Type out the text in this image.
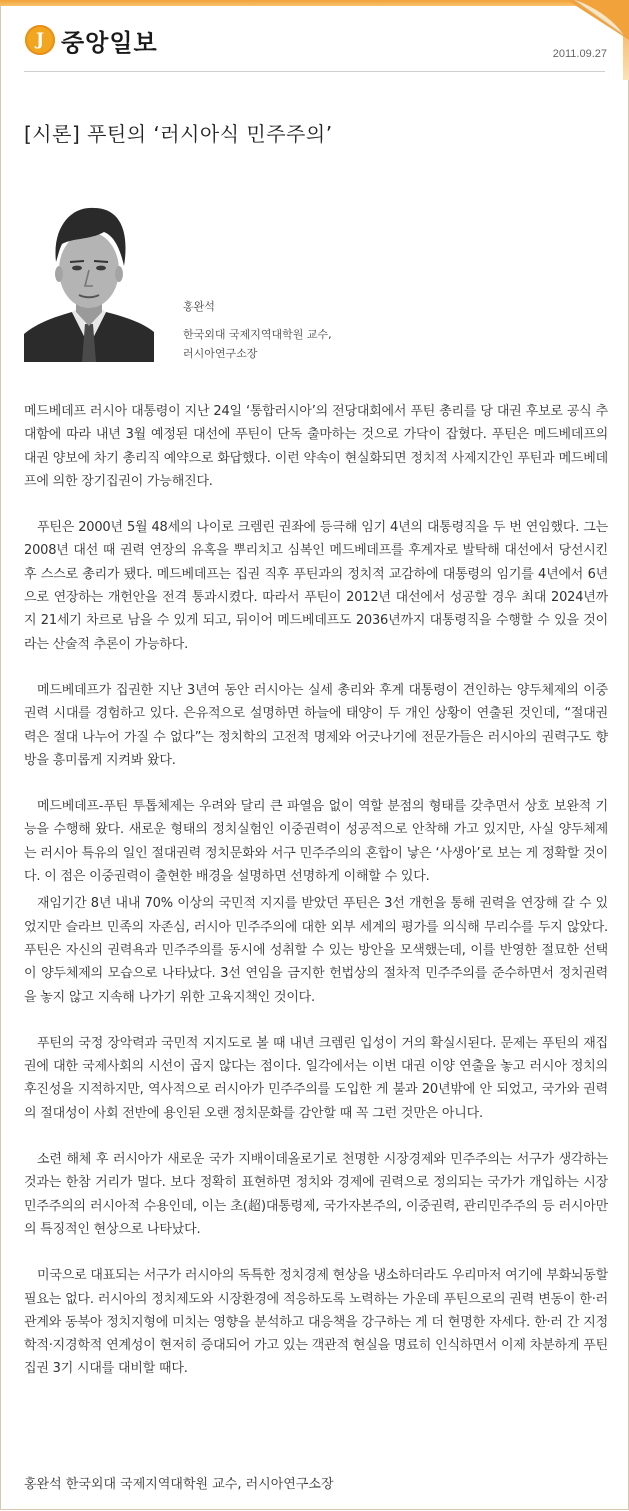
J 중앙일보	2011.09.27
[시론] 푸틴의 ‘러시아식 민주주의’
홍완석
한국외대 국제지역대학원 교수,
러시아연구소장

메드베데프 러시아 대통령이 지난 24일 ‘통합러시아’의 전당대회에서 푸틴 총리를 당 대권 후보로 공식 추대함에 따라 내년 3월 예정된 대선에 푸틴이 단독 출마하는 것으로 가닥이 잡혔다. 푸틴은 메드베데프의 대권 양보에 차기 총리직 예약으로 화답했다. 이런 약속이 현실화되면 정치적 사제지간인 푸틴과 메드베데프에 의한 장기집권이 가능해진다.

푸틴은 2000년 5월 48세의 나이로 크렘린 권좌에 등극해 임기 4년의 대통령직을 두 번 연임했다. 그는 2008년 대선 때 권력 연장의 유혹을 뿌리치고 심복인 메드베데프를 후계자로 발탁해 대선에서 당선시킨 후 스스로 총리가 됐다. 메드베데프는 집권 직후 푸틴과의 정치적 교감하에 대통령의 임기를 4년에서 6년으로 연장하는 개헌안을 전격 통과시켰다. 따라서 푸틴이 2012년 대선에서 성공할 경우 최대 2024년까지 21세기 차르로 남을 수 있게 되고, 뒤이어 메드베데프도 2036년까지 대통령직을 수행할 수 있을 것이라는 산술적 추론이 가능하다.

메드베데프가 집권한 지난 3년여 동안 러시아는 실세 총리와 후계 대통령이 견인하는 양두체제의 이중권력 시대를 경험하고 있다. 은유적으로 설명하면 하늘에 태양이 두 개인 상황이 연출된 것인데, “절대권력은 절대 나누어 가질 수 없다”는 정치학의 고전적 명제와 어긋나기에 전문가들은 러시아의 권력구도 향방을 흥미롭게 지켜봐 왔다.

메드베데프-푸틴 투톱체제는 우려와 달리 큰 파열음 없이 역할 분점의 형태를 갖추면서 상호 보완적 기능을 수행해 왔다. 새로운 형태의 정치실험인 이중권력이 성공적으로 안착해 가고 있지만, 사실 양두체제는 러시아 특유의 일인 절대권력 정치문화와 서구 민주주의의 혼합이 낳은 ‘사생아’로 보는 게 정확할 것이다. 이 점은 이중권력이 출현한 배경을 설명하면 선명하게 이해할 수 있다.

재임기간 8년 내내 70% 이상의 국민적 지지를 받았던 푸틴은 3선 개헌을 통해 권력을 연장해 갈 수 있었지만 슬라브 민족의 자존심, 러시아 민주주의에 대한 외부 세계의 평가를 의식해 무리수를 두지 않았다. 푸틴은 자신의 권력욕과 민주주의를 동시에 성취할 수 있는 방안을 모색했는데, 이를 반영한 절묘한 선택이 양두체제의 모습으로 나타났다. 3선 연임을 금지한 헌법상의 절차적 민주주의를 준수하면서 정치권력을 놓지 않고 지속해 나가기 위한 고육지책인 것이다.

푸틴의 국정 장악력과 국민적 지지도로 볼 때 내년 크렘린 입성이 거의 확실시된다. 문제는 푸틴의 재집권에 대한 국제사회의 시선이 곱지 않다는 점이다. 일각에서는 이번 대권 이양 연출을 놓고 러시아 정치의 후진성을 지적하지만, 역사적으로 러시아가 민주주의를 도입한 게 불과 20년밖에 안 되었고, 국가와 권력의 절대성이 사회 전반에 용인된 오랜 정치문화를 감안할 때 꼭 그런 것만은 아니다.

소련 해체 후 러시아가 새로운 국가 지배이데올로기로 천명한 시장경제와 민주주의는 서구가 생각하는 것과는 한참 거리가 멀다. 보다 정확히 표현하면 정치와 경제에 권력으로 정의되는 국가가 개입하는 시장민주주의의 러시아적 수용인데, 이는 초(超)대통령제, 국가자본주의, 이중권력, 관리민주주의 등 러시아만의 특징적인 현상으로 나타났다.

미국으로 대표되는 서구가 러시아의 독특한 정치경제 현상을 냉소하더라도 우리마저 여기에 부화뇌동할 필요는 없다. 러시아의 정치제도와 시장환경에 적응하도록 노력하는 가운데 푸틴으로의 권력 변동이 한·러 관계와 동북아 정치지형에 미치는 영향을 분석하고 대응책을 강구하는 게 더 현명한 자세다. 한·러 간 지정학적·지경학적 연계성이 현저히 증대되어 가고 있는 객관적 현실을 명료히 인식하면서 이제 차분하게 푸틴 집권 3기 시대를 대비할 때다.

홍완석 한국외대 국제지역대학원 교수, 러시아연구소장
